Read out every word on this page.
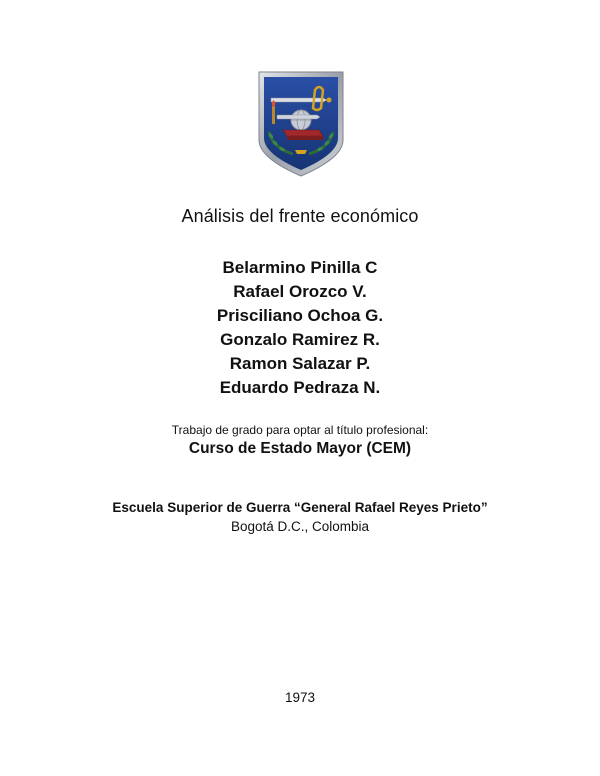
Análisis del frente económico
Belarmino Pinilla C
Rafael Orozco V.
Prisciliano Ochoa G.
Gonzalo Ramirez R.
Ramon Salazar P.
Eduardo Pedraza N.
Trabajo de grado para optar al título profesional:
Curso de Estado Mayor (CEM)
Escuela Superior de Guerra “General Rafael Reyes Prieto”
Bogotá D.C., Colombia
1973
